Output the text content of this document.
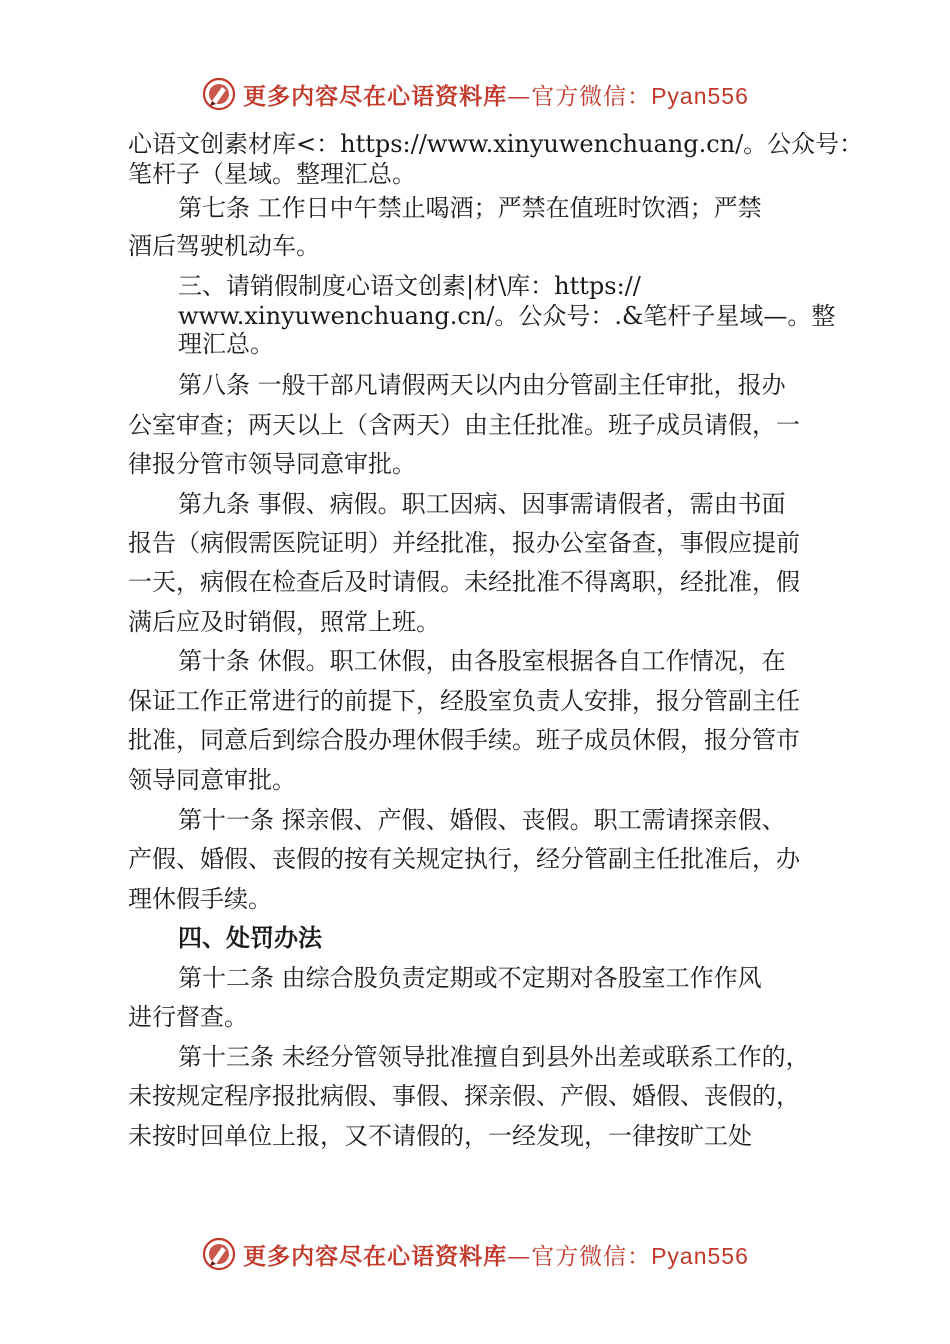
更多内容尽在心语资料库—官方微信：Pyan556
心语文创素材库<：https://www.xinyuwenchuang.cn/。公众号：
笔杆子（星域。整理汇总。
第七条 工作日中午禁止喝酒；严禁在值班时饮酒；严禁
酒后驾驶机动车。
三、请销假制度心语文创素|材\库：https://
www.xinyuwenchuang.cn/。公众号：.&笔杆子星域—。整
理汇总。
第八条 一般干部凡请假两天以内由分管副主任审批，报办
公室审查；两天以上（含两天）由主任批准。班子成员请假，一
律报分管市领导同意审批。
第九条 事假、病假。职工因病、因事需请假者，需由书面
报告（病假需医院证明）并经批准，报办公室备查，事假应提前
一天，病假在检查后及时请假。未经批准不得离职，经批准，假
满后应及时销假，照常上班。
第十条 休假。职工休假，由各股室根据各自工作情况，在
保证工作正常进行的前提下，经股室负责人安排，报分管副主任
批准，同意后到综合股办理休假手续。班子成员休假，报分管市
领导同意审批。
第十一条 探亲假、产假、婚假、丧假。职工需请探亲假、
产假、婚假、丧假的按有关规定执行，经分管副主任批准后，办
理休假手续。
四、处罚办法
第十二条 由综合股负责定期或不定期对各股室工作作风
进行督查。
第十三条 未经分管领导批准擅自到县外出差或联系工作的，
未按规定程序报批病假、事假、探亲假、产假、婚假、丧假的，
未按时回单位上报，又不请假的，一经发现，一律按旷工处
更多内容尽在心语资料库—官方微信：Pyan556
